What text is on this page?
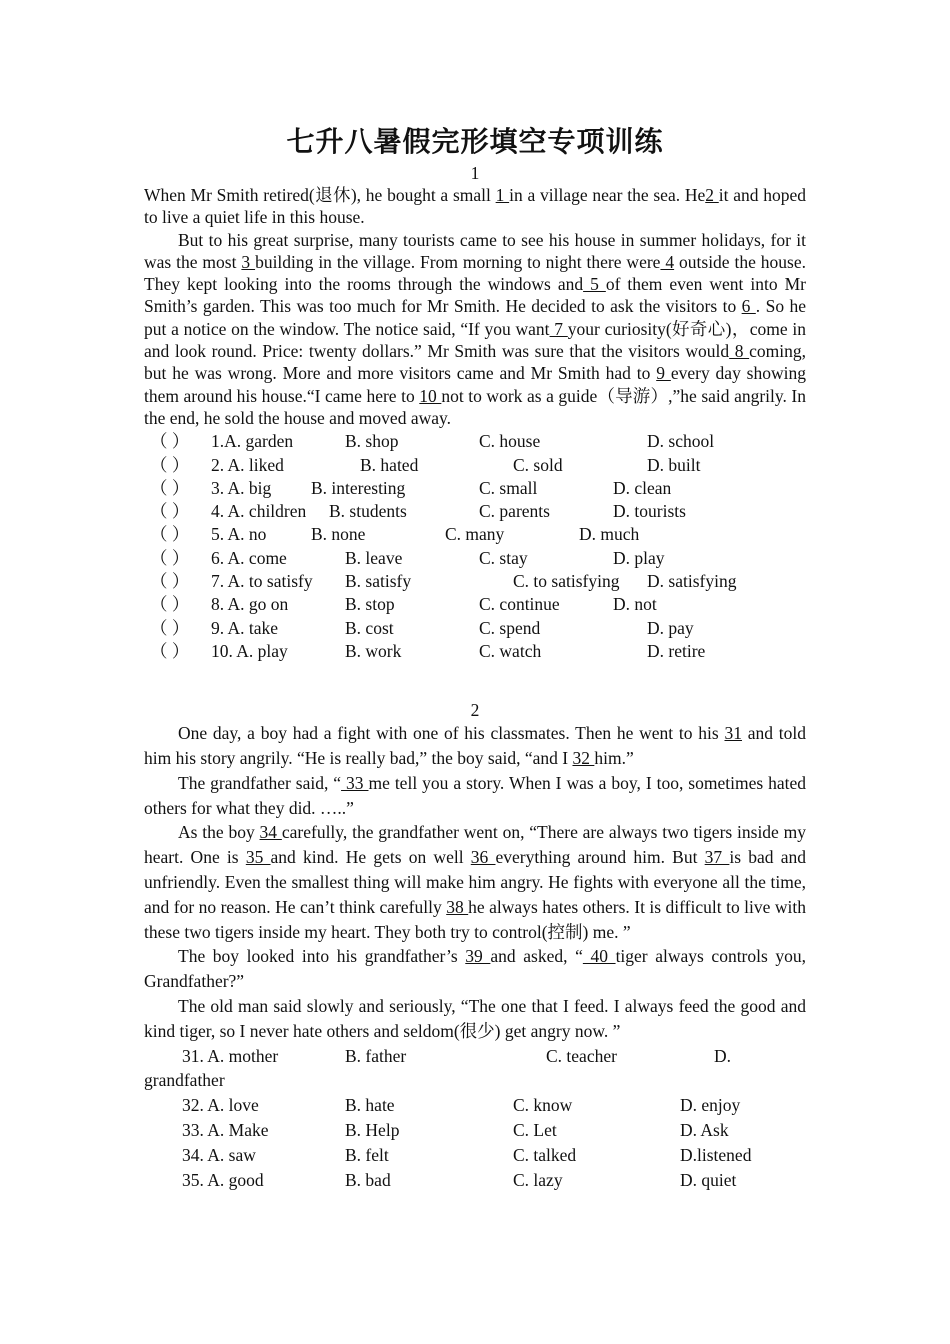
七升八暑假完形填空专项训练
1

When Mr Smith retired(退休), he bought a small 1 in a village near the sea. He2 it and hoped to live a quiet life in this house.

But to his great surprise, many tourists came to see his house in summer holidays, for it was the most 3 building in the village. From morning to night there were 4 outside the house. They kept looking into the rooms through the windows and 5 of them even went into Mr Smith’s garden. This was too much for Mr Smith. He decided to ask the visitors to 6 . So he put a notice on the window. The notice said, “If you want 7 your curiosity(好奇心)，come in and look round. Price: twenty dollars.” Mr Smith was sure that the visitors would 8 coming, but he was wrong. More and more visitors came and Mr Smith had to 9 every day showing them around his house.“I came here to 10 not to work as a guide（导游）,”he said angrily. In the end, he sold the house and moved away.

（ ） 1.A. garden	B. shop	C. house	D. school
（ ） 2. A. liked	B. hated	C. sold	D. built
（ ） 3. A. big B. interesting	C. small	D. clean
（ ） 4. A. children B. students	C. parents	D. tourists
（ ） 5. A. no	B. none	C. many	D. much
（ ） 6. A. come	B. leave	C. stay	D. play
（ ） 7. A. to satisfy B. satisfy	C. to satisfying D. satisfying
（ ） 8. A. go on	B. stop	C. continue	D. not
（ ） 9. A. take	B. cost	C. spend	D. pay
（ ） 10. A. play	B. work	C. watch	D. retire
2

One day, a boy had a fight with one of his classmates. Then he went to his 31 and told him his story angrily. “He is really bad,” the boy said, “and I 32 him.”

The grandfather said, “ 33 me tell you a story. When I was a boy, I too, sometimes hated others for what they did. …..”

As the boy 34 carefully, the grandfather went on, “There are always two tigers inside my heart. One is 35 and kind. He gets on well 36 everything around him. But 37 is bad and unfriendly. Even the smallest thing will make him angry. He fights with everyone all the time, and for no reason. He can’t think carefully 38 he always hates others. It is difficult to live with these two tigers inside my heart. They both try to control(控制) me. ”

The boy looked into his grandfather’s 39 and asked, “ 40 tiger always controls you, Grandfather?”

The old man said slowly and seriously, “The one that I feed. I always feed the good and kind tiger, so I never hate others and seldom(很少) get angry now. ”

31. A. mother	B. father	C. teacher	D.
grandfather
32. A. love	B. hate	C. know	D. enjoy
33. A. Make	B. Help	C. Let	D. Ask
34. A. saw	B. felt	C. talked	D.listened
35. A. good	B. bad	C. lazy	D. quiet
